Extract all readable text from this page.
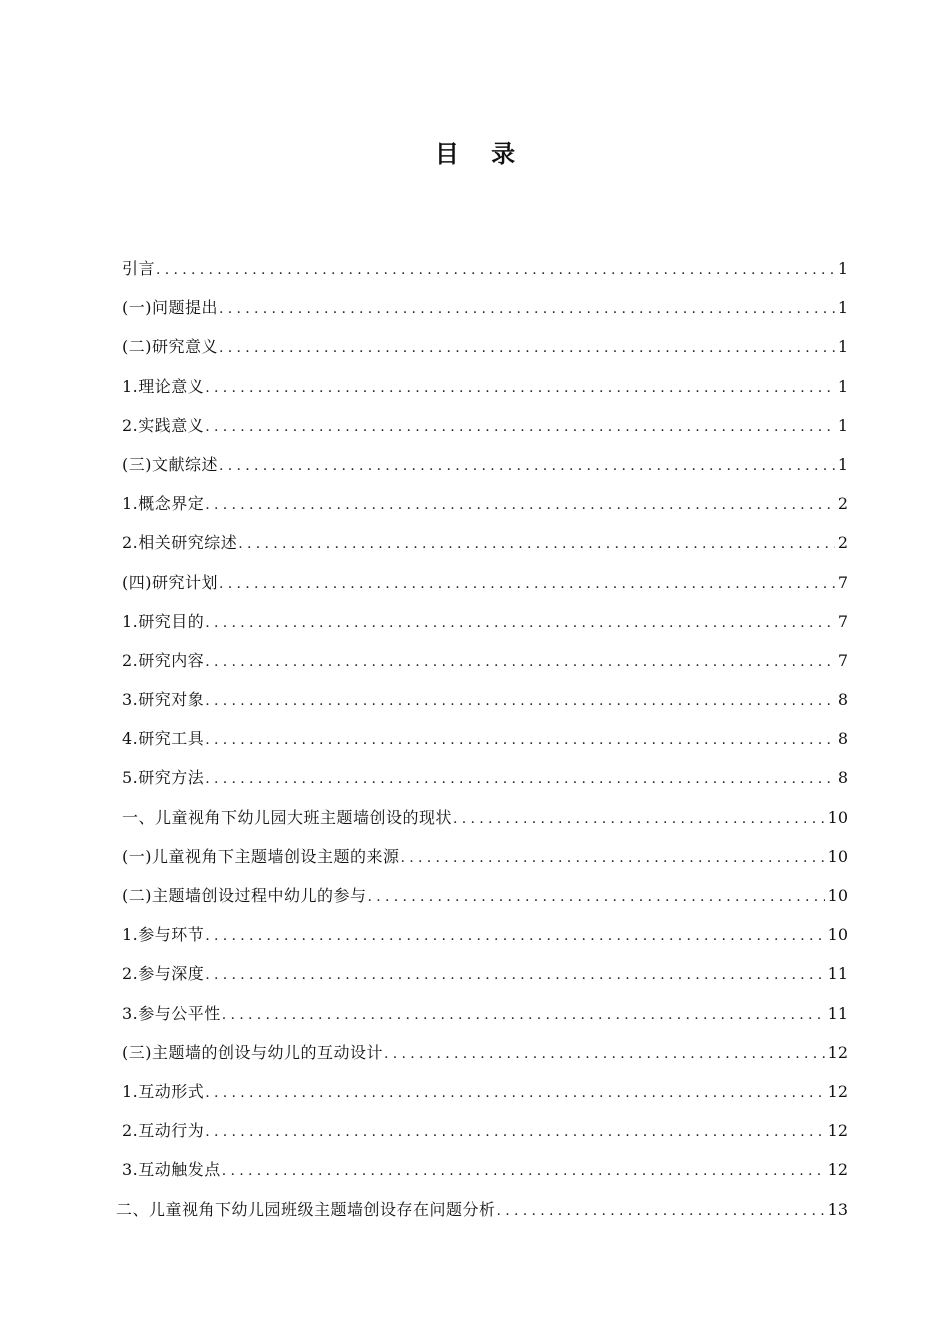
目 录
引言 .....	1
(一)问题提出 .....	1
(二)研究意义 .....	1
1.理论意义 .....	1
2.实践意义 .....	1
(三)文献综述 .....	1
1.概念界定 .....	2
2.相关研究综述 .....	2
(四)研究计划 .....	7
1.研究目的 .....	7
2.研究内容 .....	7
3.研究对象 .....	8
4.研究工具 .....	8
5.研究方法 .....	8
一、儿童视角下幼儿园大班主题墙创设的现状 .....	10
(一)儿童视角下主题墙创设主题的来源 .....	10
(二)主题墙创设过程中幼儿的参与 .....	10
1.参与环节 .....	10
2.参与深度 .....	11
3.参与公平性 .....	11
(三)主题墙的创设与幼儿的互动设计 .....	12
1.互动形式 .....	12
2.互动行为 .....	12
3.互动触发点 .....	12
二、儿童视角下幼儿园班级主题墙创设存在问题分析 .....	13
